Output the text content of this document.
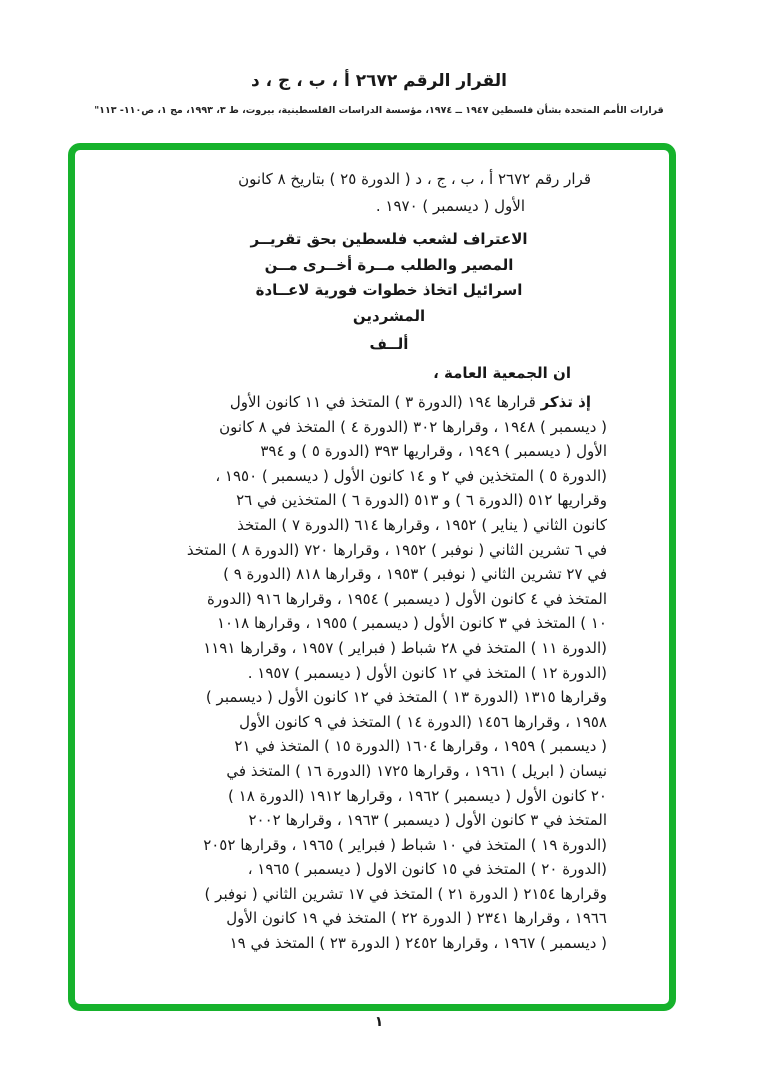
القرار الرقم ٢٦٧٢ أ ، ب ، ج ، د
قرارات الأمم المتحدة بشأن فلسطين ١٩٤٧ ــ ١٩٧٤، مؤسسة الدراسات الفلسطينية، بيروت، ط ٣، ١٩٩٣، مج ١، ص١١٠- ١١٣"
قرار رقم ٢٦٧٢ أ ، ب ، ج ، د ( الدورة ٢٥ ) بتاريخ ٨ كانون
الأول ( ديسمبر ) ١٩٧٠ .
الاعتراف لشعب فلسطين بحق تقريــر
المصير والطلب مــرة أخــرى مــن
اسرائيل اتخاذ خطوات فورية لاعــادة
المشردين
ألــف
ان الجمعية العامة ،
إذ تذكر قرارها ١٩٤ (الدورة ٣ ) المتخذ في ١١ كانون الأول
( ديسمبر ) ١٩٤٨ ، وقرارها ٣٠٢ (الدورة ٤ ) المتخذ في ٨ كانون
الأول ( ديسمبر ) ١٩٤٩ ، وقراريها ٣٩٣ (الدورة ٥ ) و ٣٩٤
(الدورة ٥ ) المتخذين في ٢ و ١٤ كانون الأول ( ديسمبر ) ١٩٥٠ ،
وقراريها ٥١٢ (الدورة ٦ ) و ٥١٣ (الدورة ٦ ) المتخذين في ٢٦
كانون الثاني ( يناير ) ١٩٥٢ ، وقرارها ٦١٤ (الدورة ٧ ) المتخذ
في ٦ تشرين الثاني ( نوفبر ) ١٩٥٢ ، وقرارها ٧٢٠ (الدورة ٨ ) المتخذ
في ٢٧ تشرين الثاني ( نوفبر ) ١٩٥٣ ، وقرارها ٨١٨ (الدورة ٩ )
المتخذ في ٤ كانون الأول ( ديسمبر ) ١٩٥٤ ، وقرارها ٩١٦ (الدورة
١٠ ) المتخذ في ٣ كانون الأول ( ديسمبر ) ١٩٥٥ ، وقرارها ١٠١٨
(الدورة ١١ ) المتخذ في ٢٨ شباط ( فبراير ) ١٩٥٧ ، وقرارها ١١٩١
(الدورة ١٢ ) المتخذ في ١٢ كانون الأول ( ديسمبر ) ١٩٥٧ .
وقرارها ١٣١٥ (الدورة ١٣ ) المتخذ في ١٢ كانون الأول ( ديسمبر )
١٩٥٨ ، وقرارها ١٤٥٦ (الدورة ١٤ ) المتخذ في ٩ كانون الأول
( ديسمبر ) ١٩٥٩ ، وقرارها ١٦٠٤ (الدورة ١٥ ) المتخذ في ٢١
نيسان ( ابريل ) ١٩٦١ ، وقرارها ١٧٢٥ (الدورة ١٦ ) المتخذ في
٢٠ كانون الأول ( ديسمبر ) ١٩٦٢ ، وقرارها ١٩١٢ (الدورة ١٨ )
المتخذ في ٣ كانون الأول ( ديسمبر ) ١٩٦٣ ، وقرارها ٢٠٠٢
(الدورة ١٩ ) المتخذ في ١٠ شباط ( فبراير ) ١٩٦٥ ، وقرارها ٢٠٥٢
(الدورة ٢٠ ) المتخذ في ١٥ كانون الاول ( ديسمبر ) ١٩٦٥ ،
وقرارها ٢١٥٤ ( الدورة ٢١ ) المتخذ في ١٧ تشرين الثاني ( نوفبر )
١٩٦٦ ، وقرارها ٢٣٤١ ( الدورة ٢٢ ) المتخذ في ١٩ كانون الأول
( ديسمبر ) ١٩٦٧ ، وقرارها ٢٤٥٢ ( الدورة ٢٣ ) المتخذ في ١٩
١
